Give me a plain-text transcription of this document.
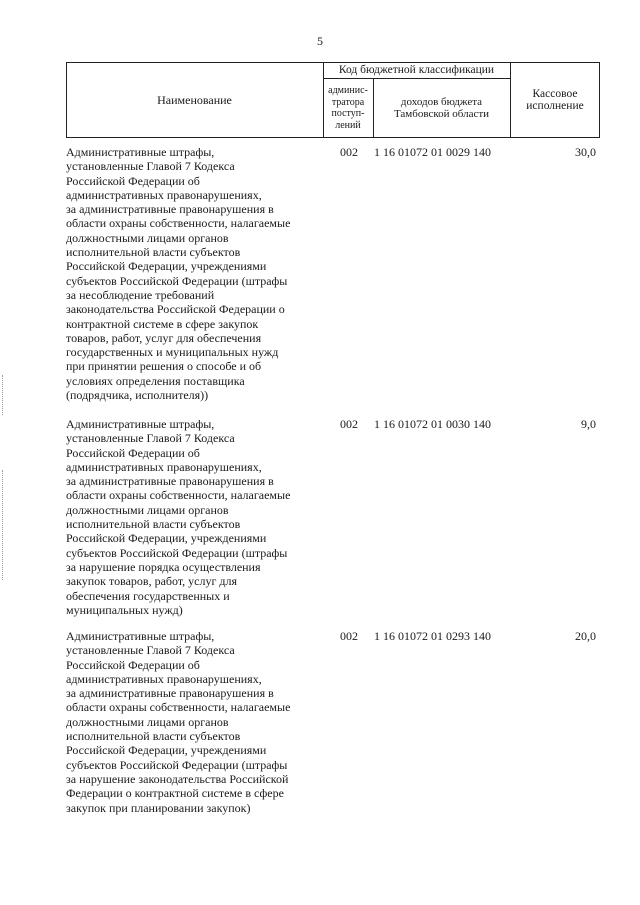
5
Наименование
Код бюджетной классификации
админис-
тратора
поступ-
лений
доходов бюджета
Тамбовской области
Кассовое
исполнение
Административные штрафы,
установленные Главой 7 Кодекса
Российской Федерации об
административных правонарушениях,
за административные правонарушения в
области охраны собственности, налагаемые
должностными лицами органов
исполнительной власти субъектов
Российской Федерации, учреждениями
субъектов Российской Федерации (штрафы
за несоблюдение требований
законодательства Российской Федерации о
контрактной системе в сфере закупок
товаров, работ, услуг для обеспечения
государственных и муниципальных нужд
при принятии решения о способе и об
условиях определения поставщика
(подрядчика, исполнителя))
002	1 16 01072 01 0029 140	30,0
Административные штрафы,
установленные Главой 7 Кодекса
Российской Федерации об
административных правонарушениях,
за административные правонарушения в
области охраны собственности, налагаемые
должностными лицами органов
исполнительной власти субъектов
Российской Федерации, учреждениями
субъектов Российской Федерации (штрафы
за нарушение порядка осуществления
закупок товаров, работ, услуг для
обеспечения государственных и
муниципальных нужд)
002	1 16 01072 01 0030 140	9,0
Административные штрафы,
установленные Главой 7 Кодекса
Российской Федерации об
административных правонарушениях,
за административные правонарушения в
области охраны собственности, налагаемые
должностными лицами органов
исполнительной власти субъектов
Российской Федерации, учреждениями
субъектов Российской Федерации (штрафы
за нарушение законодательства Российской
Федерации о контрактной системе в сфере
закупок при планировании закупок)
002	1 16 01072 01 0293 140	20,0
